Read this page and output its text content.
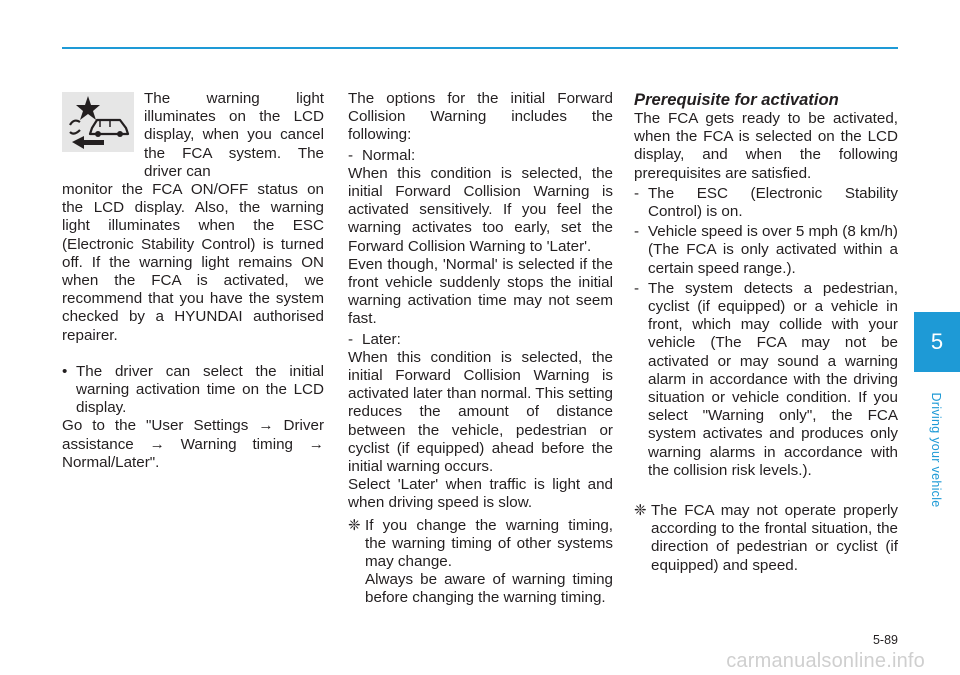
The warning light illuminates on the LCD display, when you cancel the FCA system. The driver can

monitor the FCA ON/OFF status on the LCD display. Also, the warning light illuminates when the ESC (Electronic Stability Control) is turned off. If the warning light remains ON when the FCA is activated, we recommend that you have the system checked by a HYUNDAI authorised repairer.

• The driver can select the initial warning activation time on the LCD display.

Go to the "User Settings → Driver assistance → Warning timing → Normal/Later".

The options for the initial Forward Collision Warning includes the following:

- Normal:

When this condition is selected, the initial Forward Collision Warning is activated sensitively. If you feel the warning activates too early, set the Forward Collision Warning to 'Later'.

Even though, 'Normal' is selected if the front vehicle suddenly stops the initial warning activation time may not seem fast.

- Later:

When this condition is selected, the initial Forward Collision Warning is activated later than normal. This setting reduces the amount of distance between the vehicle, pedestrian or cyclist (if equipped) ahead before the initial warning occurs.

Select 'Later' when traffic is light and when driving speed is slow.

❈ If you change the warning timing, the warning timing of other systems may change.

Always be aware of warning timing before changing the warning timing.

Prerequisite for activation

The FCA gets ready to be activated, when the FCA is selected on the LCD display, and when the following prerequisites are satisfied.

- The ESC (Electronic Stability Control) is on.

- Vehicle speed is over 5 mph (8 km/h) (The FCA is only activated within a certain speed range.).

- The system detects a pedestrian, cyclist (if equipped) or a vehicle in front, which may collide with your vehicle (The FCA may not be activated or may sound a warning alarm in accordance with the driving situation or vehicle condition. If you select "Warning only", the FCA system activates and produces only warning alarms in accordance with the collision risk levels.).

❈ The FCA may not operate properly according to the frontal situation, the direction of pedestrian or cyclist (if equipped) and speed.

5
Driving your vehicle
5-89
carmanualsonline.info
